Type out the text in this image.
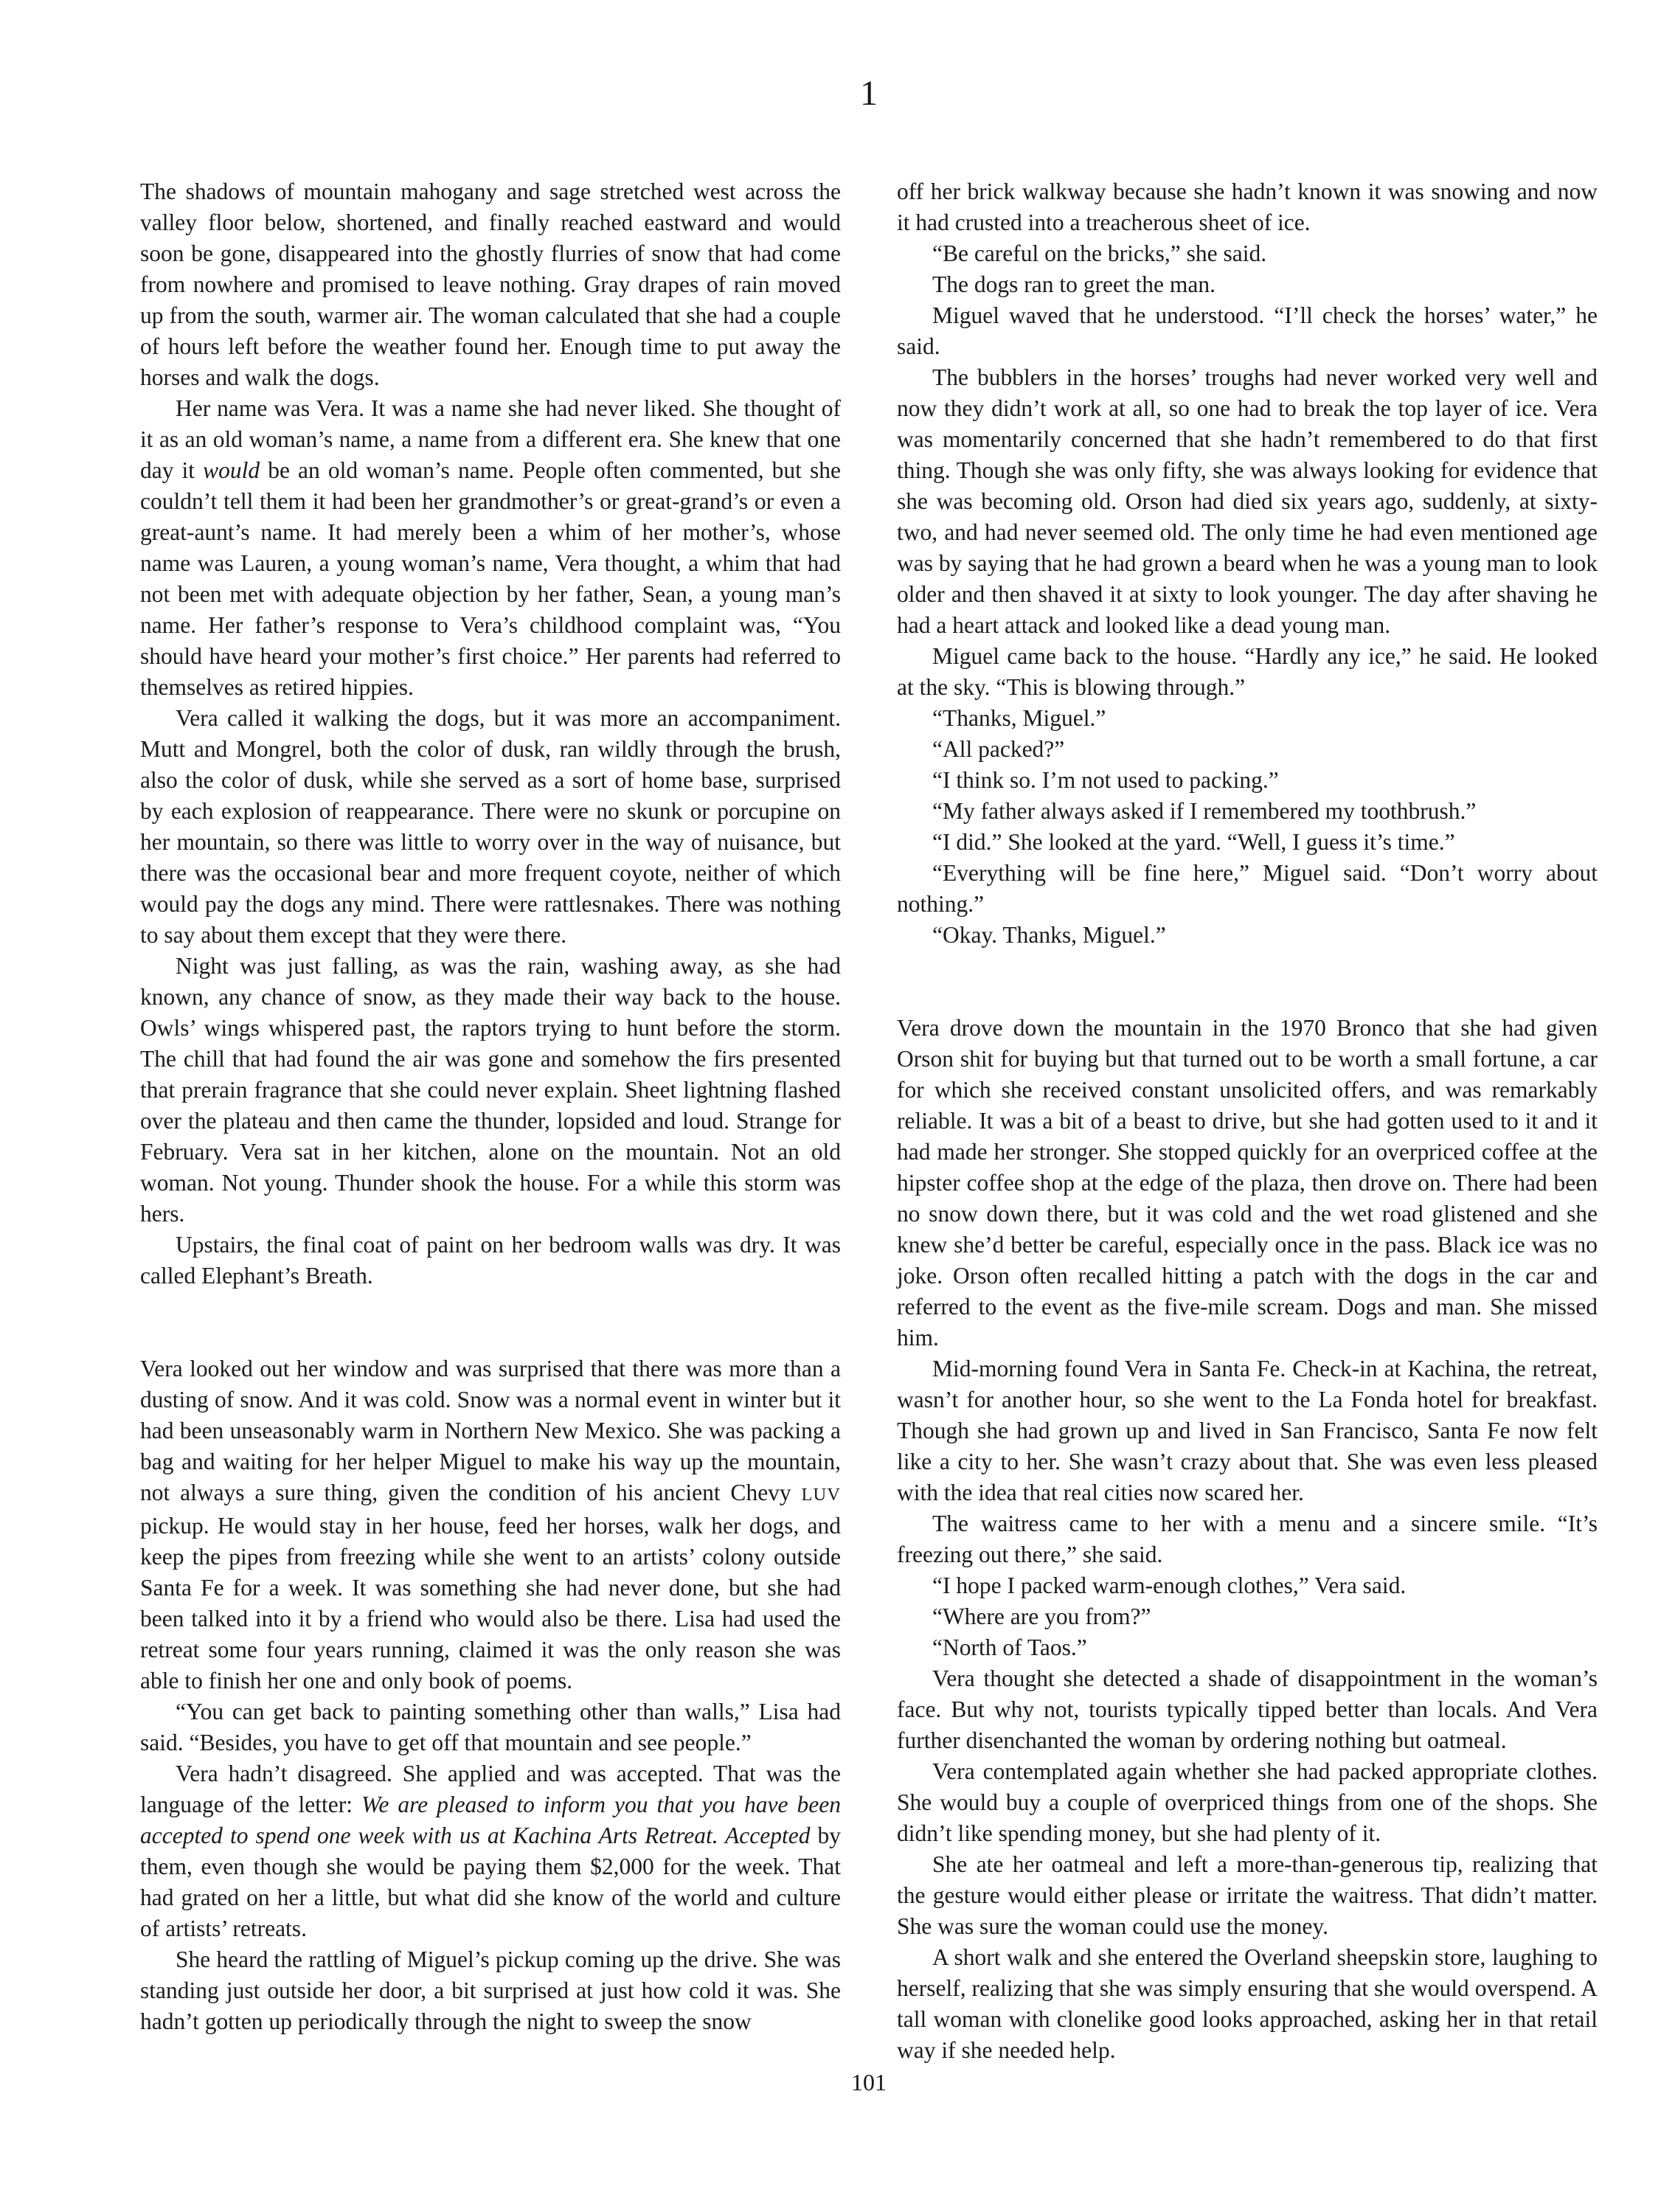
1

The shadows of mountain mahogany and sage stretched west across the valley floor below, shortened, and finally reached eastward and would soon be gone, disappeared into the ghostly flurries of snow that had come from nowhere and promised to leave nothing. Gray drapes of rain moved up from the south, warmer air. The woman calculated that she had a couple of hours left before the weather found her. Enough time to put away the horses and walk the dogs.

Her name was Vera. It was a name she had never liked. She thought of it as an old woman’s name, a name from a different era. She knew that one day it would be an old woman’s name. People often commented, but she couldn’t tell them it had been her grandmother’s or great-grand’s or even a great-aunt’s name. It had merely been a whim of her mother’s, whose name was Lauren, a young woman’s name, Vera thought, a whim that had not been met with adequate objection by her father, Sean, a young man’s name. Her father’s response to Vera’s childhood complaint was, “You should have heard your mother’s first choice.” Her parents had referred to themselves as retired hippies.

Vera called it walking the dogs, but it was more an accompaniment. Mutt and Mongrel, both the color of dusk, ran wildly through the brush, also the color of dusk, while she served as a sort of home base, surprised by each explosion of reappearance. There were no skunk or porcupine on her mountain, so there was little to worry over in the way of nuisance, but there was the occasional bear and more frequent coyote, neither of which would pay the dogs any mind. There were rattlesnakes. There was nothing to say about them except that they were there.

Night was just falling, as was the rain, washing away, as she had known, any chance of snow, as they made their way back to the house. Owls’ wings whispered past, the raptors trying to hunt before the storm. The chill that had found the air was gone and somehow the firs presented that prerain fragrance that she could never explain. Sheet lightning flashed over the plateau and then came the thunder, lopsided and loud. Strange for February. Vera sat in her kitchen, alone on the mountain. Not an old woman. Not young. Thunder shook the house. For a while this storm was hers.

Upstairs, the final coat of paint on her bedroom walls was dry. It was called Elephant’s Breath.

Vera looked out her window and was surprised that there was more than a dusting of snow. And it was cold. Snow was a normal event in winter but it had been unseasonably warm in Northern New Mexico. She was packing a bag and waiting for her helper Miguel to make his way up the mountain, not always a sure thing, given the condition of his ancient Chevy LUV pickup. He would stay in her house, feed her horses, walk her dogs, and keep the pipes from freezing while she went to an artists’ colony outside Santa Fe for a week. It was something she had never done, but she had been talked into it by a friend who would also be there. Lisa had used the retreat some four years running, claimed it was the only reason she was able to finish her one and only book of poems.

“You can get back to painting something other than walls,” Lisa had said. “Besides, you have to get off that mountain and see people.”

Vera hadn’t disagreed. She applied and was accepted. That was the language of the letter: We are pleased to inform you that you have been accepted to spend one week with us at Kachina Arts Retreat. Accepted by them, even though she would be paying them $2,000 for the week. That had grated on her a little, but what did she know of the world and culture of artists’ retreats.

She heard the rattling of Miguel’s pickup coming up the drive. She was standing just outside her door, a bit surprised at just how cold it was. She hadn’t gotten up periodically through the night to sweep the snow

off her brick walkway because she hadn’t known it was snowing and now it had crusted into a treacherous sheet of ice.

“Be careful on the bricks,” she said.

The dogs ran to greet the man.

Miguel waved that he understood. “I’ll check the horses’ water,” he said.

The bubblers in the horses’ troughs had never worked very well and now they didn’t work at all, so one had to break the top layer of ice. Vera was momentarily concerned that she hadn’t remembered to do that first thing. Though she was only fifty, she was always looking for evidence that she was becoming old. Orson had died six years ago, suddenly, at sixty-two, and had never seemed old. The only time he had even mentioned age was by saying that he had grown a beard when he was a young man to look older and then shaved it at sixty to look younger. The day after shaving he had a heart attack and looked like a dead young man.

Miguel came back to the house. “Hardly any ice,” he said. He looked at the sky. “This is blowing through.”

“Thanks, Miguel.”

“All packed?”

“I think so. I’m not used to packing.”

“My father always asked if I remembered my toothbrush.”

“I did.” She looked at the yard. “Well, I guess it’s time.”

“Everything will be fine here,” Miguel said. “Don’t worry about nothing.”

“Okay. Thanks, Miguel.”

Vera drove down the mountain in the 1970 Bronco that she had given Orson shit for buying but that turned out to be worth a small fortune, a car for which she received constant unsolicited offers, and was remarkably reliable. It was a bit of a beast to drive, but she had gotten used to it and it had made her stronger. She stopped quickly for an overpriced coffee at the hipster coffee shop at the edge of the plaza, then drove on. There had been no snow down there, but it was cold and the wet road glistened and she knew she’d better be careful, especially once in the pass. Black ice was no joke. Orson often recalled hitting a patch with the dogs in the car and referred to the event as the five-mile scream. Dogs and man. She missed him.

Mid-morning found Vera in Santa Fe. Check-in at Kachina, the retreat, wasn’t for another hour, so she went to the La Fonda hotel for breakfast. Though she had grown up and lived in San Francisco, Santa Fe now felt like a city to her. She wasn’t crazy about that. She was even less pleased with the idea that real cities now scared her.

The waitress came to her with a menu and a sincere smile. “It’s freezing out there,” she said.

“I hope I packed warm-enough clothes,” Vera said.

“Where are you from?”

“North of Taos.”

Vera thought she detected a shade of disappointment in the woman’s face. But why not, tourists typically tipped better than locals. And Vera further disenchanted the woman by ordering nothing but oatmeal.

Vera contemplated again whether she had packed appropriate clothes. She would buy a couple of overpriced things from one of the shops. She didn’t like spending money, but she had plenty of it.

She ate her oatmeal and left a more-than-generous tip, realizing that the gesture would either please or irritate the waitress. That didn’t matter. She was sure the woman could use the money.

A short walk and she entered the Overland sheepskin store, laughing to herself, realizing that she was simply ensuring that she would overspend. A tall woman with clonelike good looks approached, asking her in that retail way if she needed help.

101
